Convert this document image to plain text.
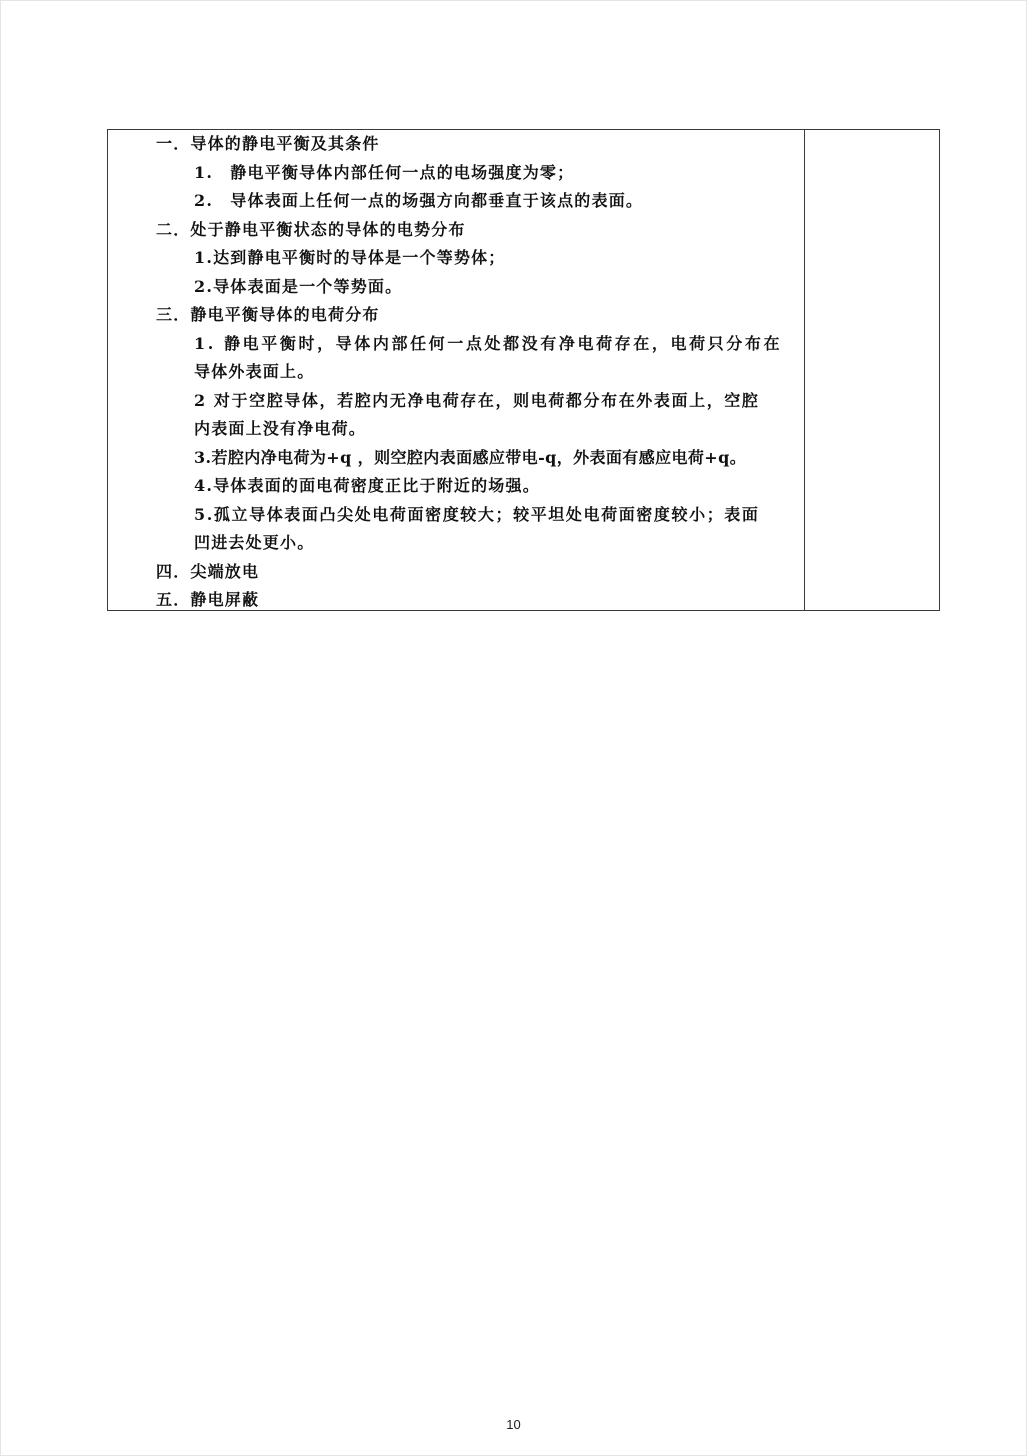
一．导体的静电平衡及其条件
1.　静电平衡导体内部任何一点的电场强度为零；
2.　导体表面上任何一点的场强方向都垂直于该点的表面。
二．处于静电平衡状态的导体的电势分布
1.达到静电平衡时的导体是一个等势体；
2.导体表面是一个等势面。
三．静电平衡导体的电荷分布
1. 静电平衡时，导体内部任何一点处都没有净电荷存在，电荷只分布在
导体外表面上。
2 对于空腔导体，若腔内无净电荷存在，则电荷都分布在外表面上，空腔
内表面上没有净电荷。
3.若腔内净电荷为+q ，则空腔内表面感应带电-q，外表面有感应电荷+q。
4.导体表面的面电荷密度正比于附近的场强。
5.孤立导体表面凸尖处电荷面密度较大；较平坦处电荷面密度较小；表面
凹进去处更小。
四．尖端放电
五．静电屏蔽
10
